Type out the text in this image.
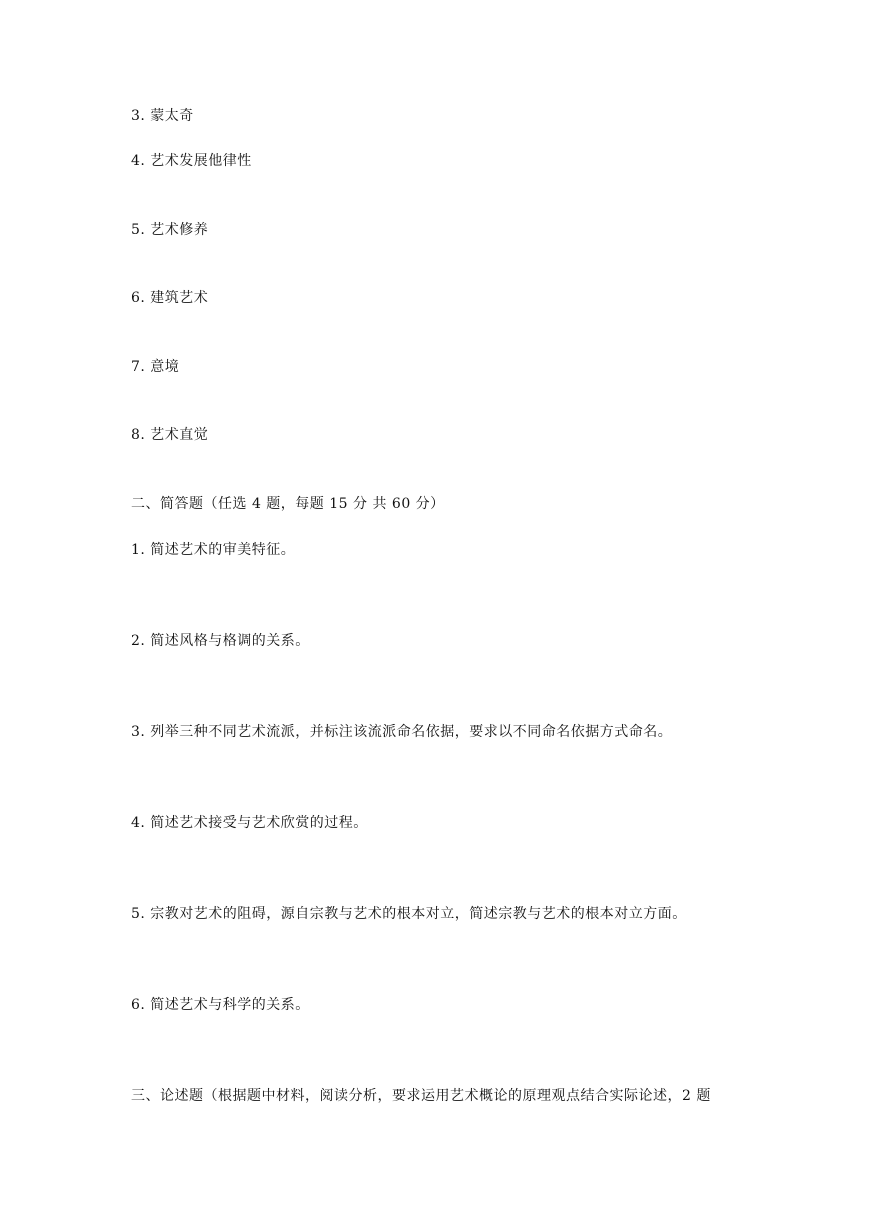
3. 蒙太奇
4. 艺术发展他律性
5. 艺术修养
6. 建筑艺术
7. 意境
8. 艺术直觉
二、简答题（任选 4 题，每题 15 分 共 60 分）
1. 简述艺术的审美特征。
2. 简述风格与格调的关系。
3. 列举三种不同艺术流派，并标注该流派命名依据，要求以不同命名依据方式命名。
4. 简述艺术接受与艺术欣赏的过程。
5. 宗教对艺术的阻碍，源自宗教与艺术的根本对立，简述宗教与艺术的根本对立方面。
6. 简述艺术与科学的关系。
三、论述题（根据题中材料，阅读分析，要求运用艺术概论的原理观点结合实际论述，2 题
